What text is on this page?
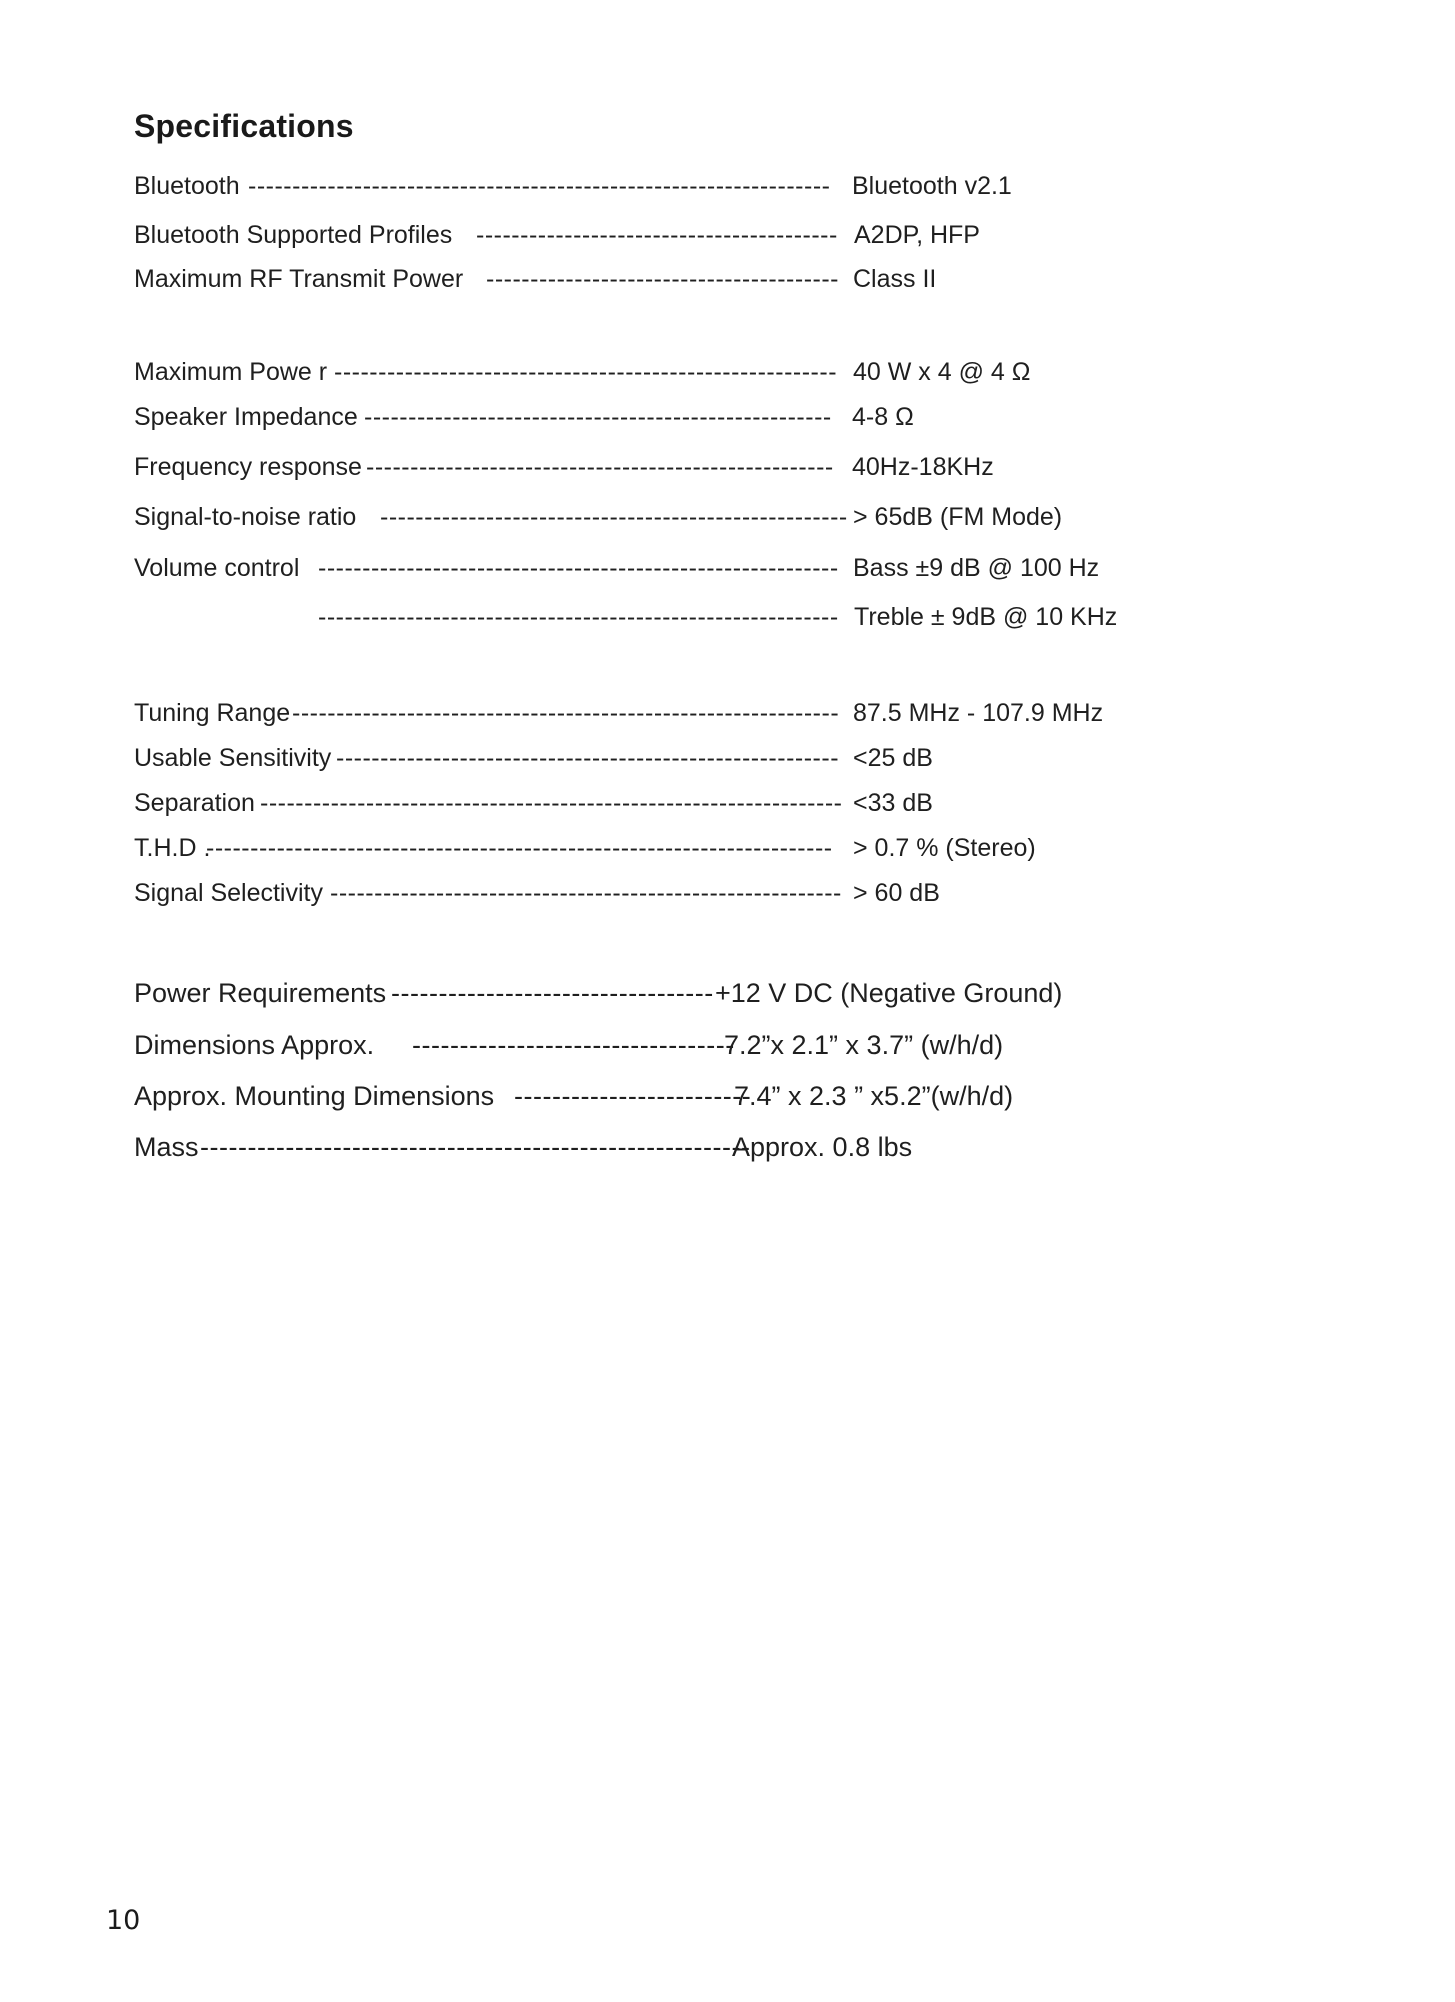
Specifications
Bluetooth ------------------------------------------------------------------ Bluetooth v2.1
Bluetooth Supported Profiles ----------------------------------------- A2DP, HFP
Maximum RF Transmit Power ---------------------------------------- Class II
Maximum Powe r --------------------------------------------------------- 40 W x 4 @ 4 Ω
Speaker Impedance ----------------------------------------------------- 4-8 Ω
Frequency response ----------------------------------------------------- 40Hz-18KHz
Signal-to-noise ratio ----------------------------------------------------- > 65dB (FM Mode)
Volume control ----------------------------------------------------------- Bass ±9 dB @ 100 Hz
----------------------------------------------------------- Treble ± 9dB @ 10 KHz
Tuning Range -------------------------------------------------------------- 87.5 MHz - 107.9 MHz
Usable Sensitivity --------------------------------------------------------- <25 dB
Separation ------------------------------------------------------------------ <33 dB
T.H.D .
----------------------------------------------------------------------- > 0.7 % (Stereo)
Signal Selectivity ---------------------------------------------------------- > 60 dB
Power Requirements ---------------------------------- +12 V DC (Negative Ground)
Dimensions Approx. ----------------------------------
7.2”x 2.1” x 3.7” (w/h/d)
Approx. Mounting Dimensions -------------------------
7.4” x 2.3 ” x5.2”(w/h/d)
Mass ----------------------------------------------------------
Approx. 0.8 lbs
10
